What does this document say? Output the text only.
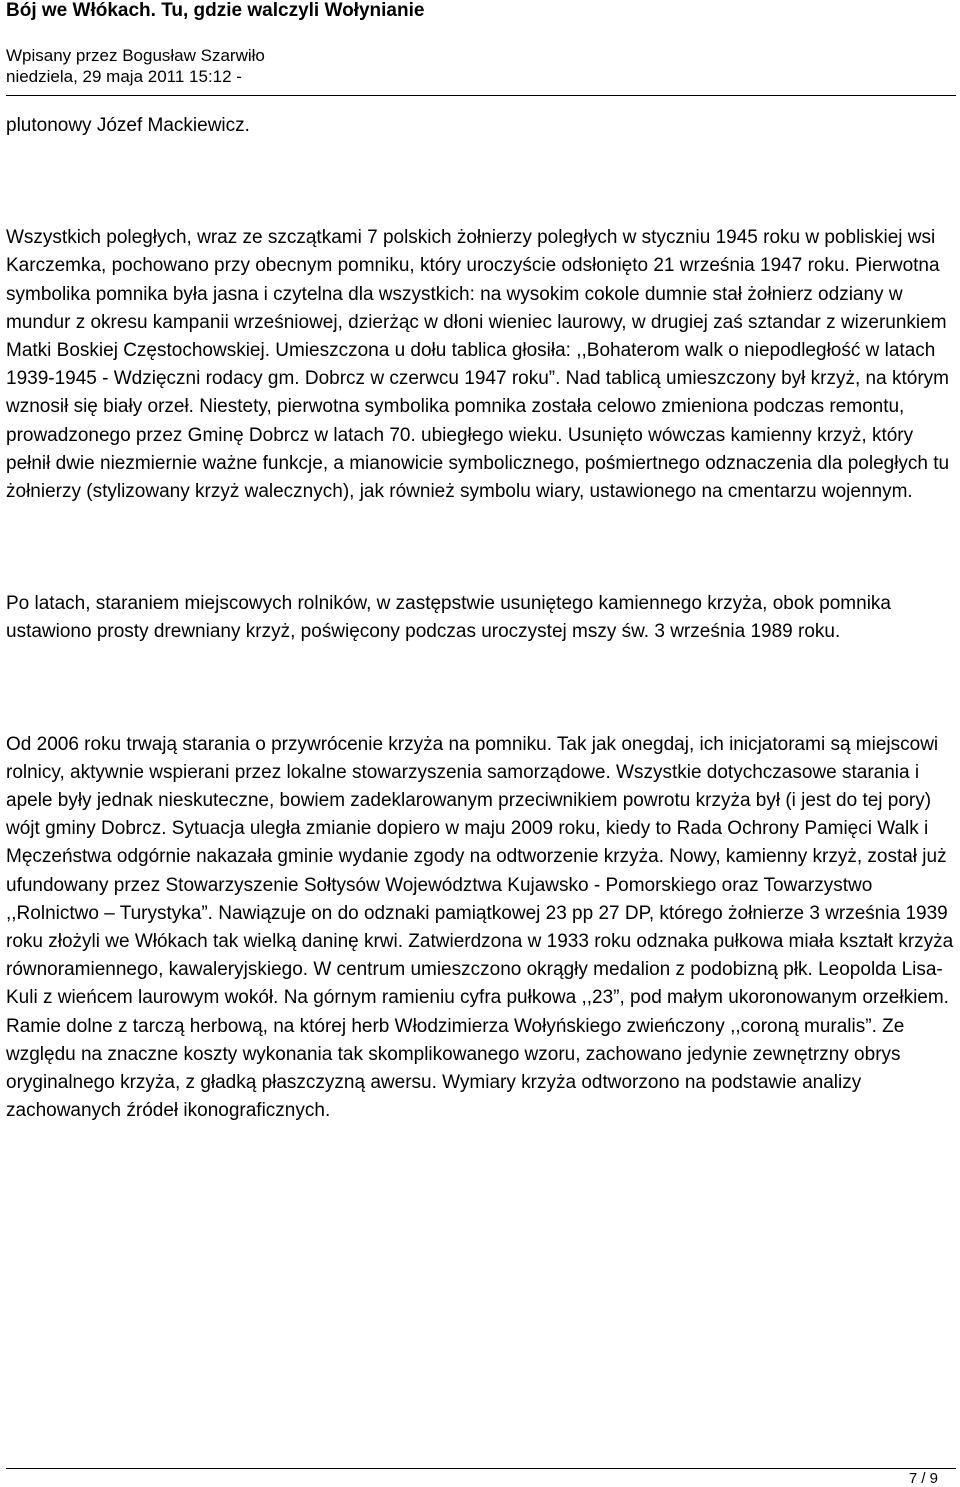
Bój we Włókach. Tu, gdzie walczyli Wołynianie
Wpisany przez Bogusław Szarwiło
niedziela, 29 maja 2011 15:12 -

plutonowy Józef Mackiewicz.

Wszystkich poległych, wraz ze szczątkami 7 polskich żołnierzy poległych w styczniu 1945 roku w pobliskiej wsi Karczemka, pochowano przy obecnym pomniku, który uroczyście odsłonięto 21 września 1947 roku. Pierwotna symbolika pomnika była jasna i czytelna dla wszystkich: na wysokim cokole dumnie stał żołnierz odziany w mundur z okresu kampanii wrześniowej, dzierżąc w dłoni wieniec laurowy, w drugiej zaś sztandar z wizerunkiem Matki Boskiej Częstochowskiej. Umieszczona u dołu tablica głosiła: ,,Bohaterom walk o niepodległość w latach 1939-1945 - Wdzięczni rodacy gm. Dobrcz w czerwcu 1947 roku”. Nad tablicą umieszczony był krzyż, na którym wznosił się biały orzeł. Niestety, pierwotna symbolika pomnika została celowo zmieniona podczas remontu, prowadzonego przez Gminę Dobrcz w latach 70. ubiegłego wieku. Usunięto wówczas kamienny krzyż, który pełnił dwie niezmiernie ważne funkcje, a mianowicie symbolicznego, pośmiertnego odznaczenia dla poległych tu żołnierzy (stylizowany krzyż walecznych), jak również symbolu wiary, ustawionego na cmentarzu wojennym.

Po latach, staraniem miejscowych rolników, w zastępstwie usuniętego kamiennego krzyża, obok pomnika ustawiono prosty drewniany krzyż, poświęcony podczas uroczystej mszy św. 3 września 1989 roku.

Od 2006 roku trwają starania o przywrócenie krzyża na pomniku. Tak jak onegdaj, ich inicjatorami są miejscowi rolnicy, aktywnie wspierani przez lokalne stowarzyszenia samorządowe. Wszystkie dotychczasowe starania i apele były jednak nieskuteczne, bowiem zadeklarowanym przeciwnikiem powrotu krzyża był (i jest do tej pory) wójt gminy Dobrcz. Sytuacja uległa zmianie dopiero w maju 2009 roku, kiedy to Rada Ochrony Pamięci Walk i Męczeństwa odgórnie nakazała gminie wydanie zgody na odtworzenie krzyża. Nowy, kamienny krzyż, został już ufundowany przez Stowarzyszenie Sołtysów Województwa Kujawsko - Pomorskiego oraz Towarzystwo ,,Rolnictwo – Turystyka”. Nawiązuje on do odznaki pamiątkowej 23 pp 27 DP, którego żołnierze 3 września 1939 roku złożyli we Włókach tak wielką daninę krwi. Zatwierdzona w 1933 roku odznaka pułkowa miała kształt krzyża równoramiennego, kawaleryjskiego. W centrum umieszczono okrągły medalion z podobizną płk. Leopolda Lisa-Kuli z wieńcem laurowym wokół. Na górnym ramieniu cyfra pułkowa ,,23”, pod małym ukoronowanym orzełkiem. Ramie dolne z tarczą herbową, na której herb Włodzimierza Wołyńskiego zwieńczony ,,coroną muralis”. Ze względu na znaczne koszty wykonania tak skomplikowanego wzoru, zachowano jedynie zewnętrzny obrys oryginalnego krzyża, z gładką płaszczyzną awersu. Wymiary krzyża odtworzono na podstawie analizy zachowanych źródeł ikonograficznych.

7 / 9
